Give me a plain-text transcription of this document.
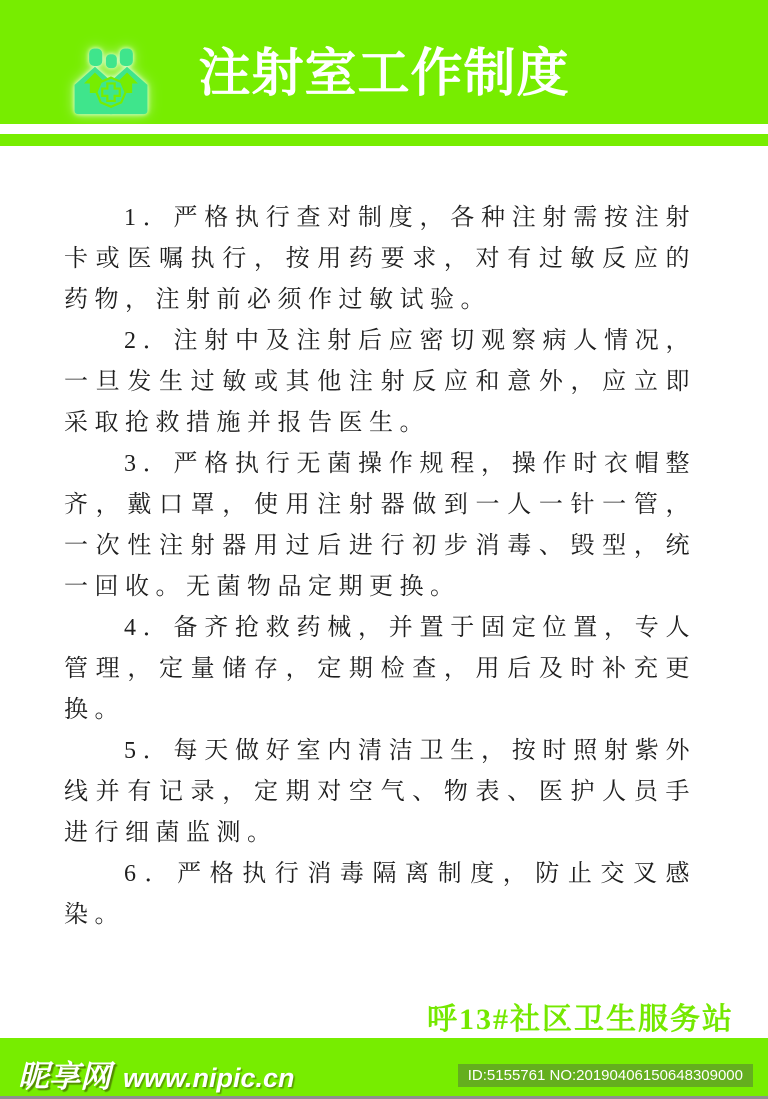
注射室工作制度

1．严格执行查对制度，各种注射需按注射卡或医嘱执行，按用药要求，对有过敏反应的药物，注射前必须作过敏试验。

2．注射中及注射后应密切观察病人情况，一旦发生过敏或其他注射反应和意外，应立即采取抢救措施并报告医生。

3．严格执行无菌操作规程，操作时衣帽整齐，戴口罩，使用注射器做到一人一针一管，一次性注射器用过后进行初步消毒、毁型，统一回收。无菌物品定期更换。

4．备齐抢救药械，并置于固定位置，专人管理，定量储存，定期检查，用后及时补充更换。

5．每天做好室内清洁卫生，按时照射紫外线并有记录，定期对空气、物表、医护人员手进行细菌监测。

6．严格执行消毒隔离制度，防止交叉感染。

呼13#社区卫生服务站
昵享网 www.nipic.cn	ID:5155761 NO:20190406150648309000
